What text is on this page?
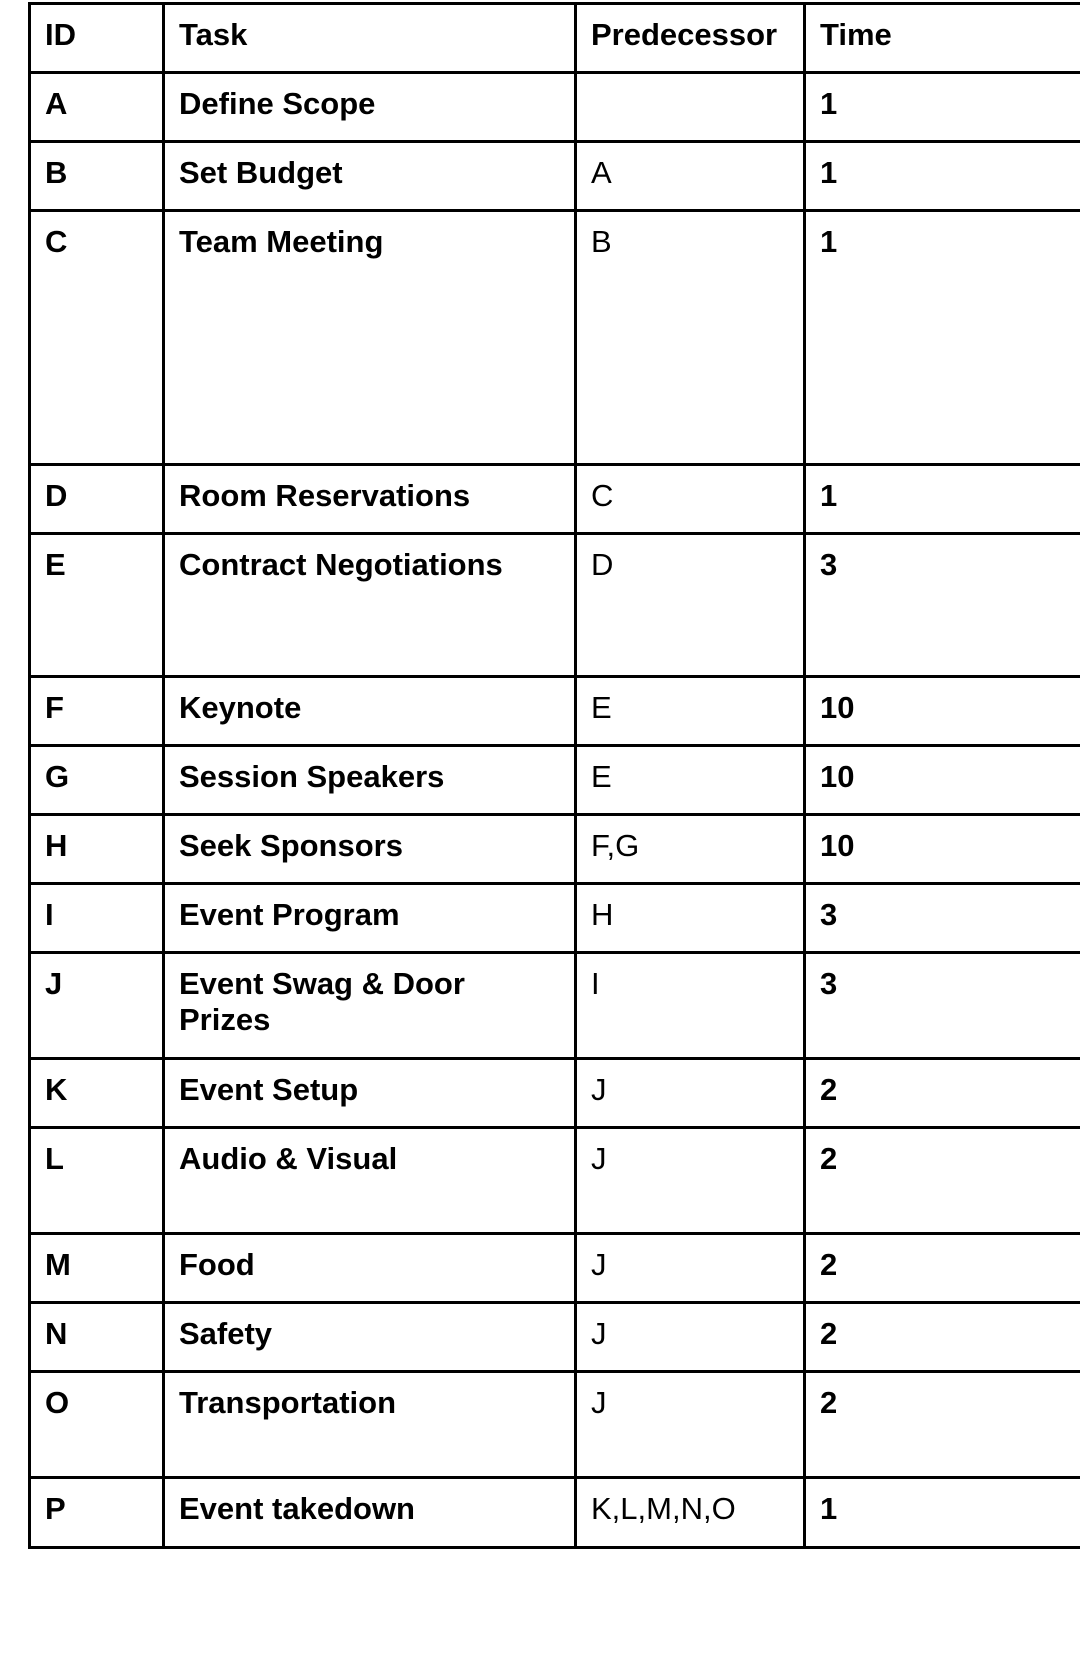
ID	Task	Predecessor	Time
A	Define Scope		1
B	Set Budget	A	1
C	Team Meeting	B	1
D	Room Reservations	C	1
E	Contract Negotiations	D	3
F	Keynote	E	10
G	Session Speakers	E	10
H	Seek Sponsors	F,G	10
I	Event Program	H	3
J	Event Swag & Door Prizes	I	3
K	Event Setup	J	2
L	Audio & Visual	J	2
M	Food	J	2
N	Safety	J	2
O	Transportation	J	2
P	Event takedown	K,L,M,N,O	1
